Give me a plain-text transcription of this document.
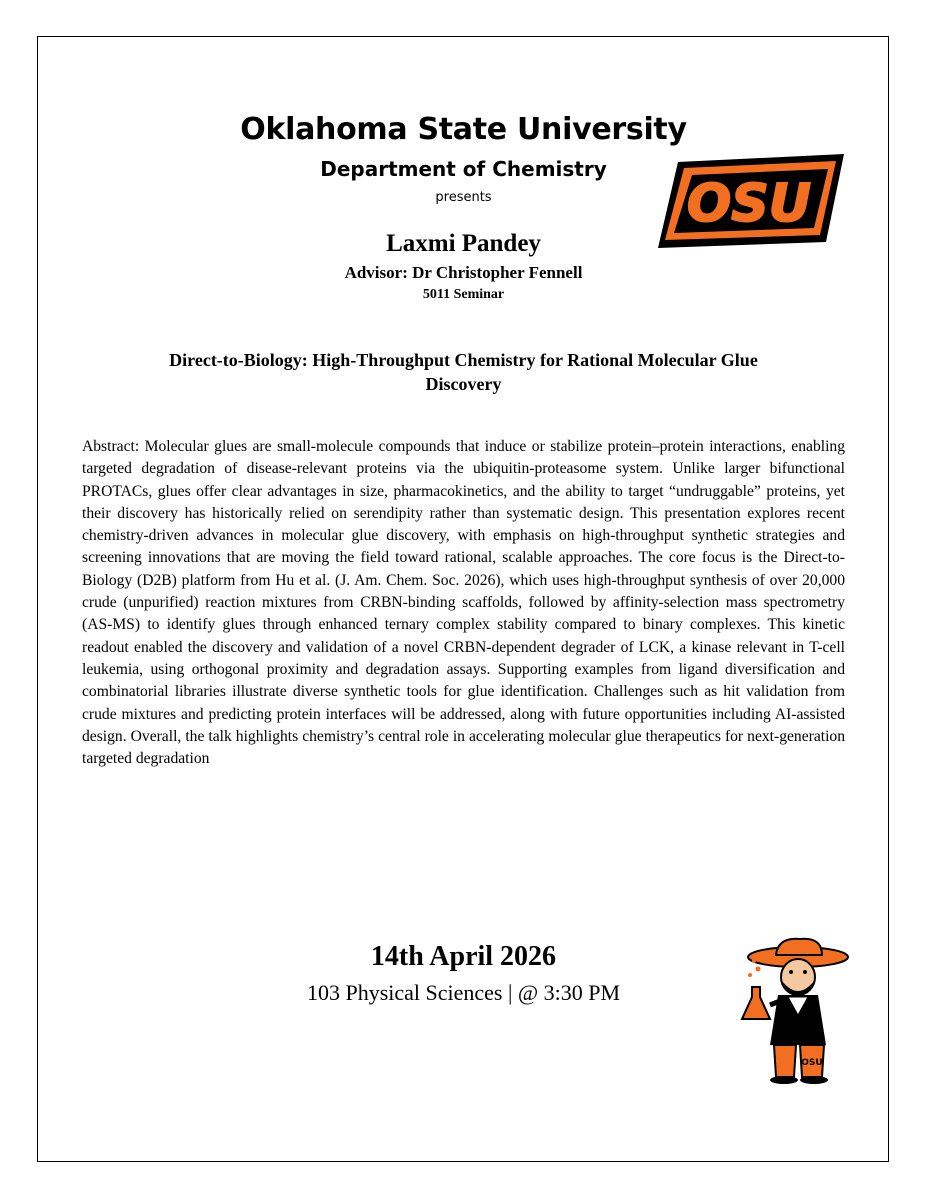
Oklahoma State University
Department of Chemistry
presents	OSU
Laxmi Pandey
Advisor: Dr Christopher Fennell
5011 Seminar
Direct-to-Biology: High-Throughput Chemistry for Rational Molecular Glue Discovery

Abstract: Molecular glues are small-molecule compounds that induce or stabilize protein–protein interactions, enabling targeted degradation of disease-relevant proteins via the ubiquitin-proteasome system. Unlike larger bifunctional PROTACs, glues offer clear advantages in size, pharmacokinetics, and the ability to target “undruggable” proteins, yet their discovery has historically relied on serendipity rather than systematic design. This presentation explores recent chemistry-driven advances in molecular glue discovery, with emphasis on high-throughput synthetic strategies and screening innovations that are moving the field toward rational, scalable approaches. The core focus is the Direct-to-Biology (D2B) platform from Hu et al. (J. Am. Chem. Soc. 2026), which uses high-throughput synthesis of over 20,000 crude (unpurified) reaction mixtures from CRBN-binding scaffolds, followed by affinity-selection mass spectrometry (AS-MS) to identify glues through enhanced ternary complex stability compared to binary complexes. This kinetic readout enabled the discovery and validation of a novel CRBN-dependent degrader of LCK, a kinase relevant in T-cell leukemia, using orthogonal proximity and degradation assays. Supporting examples from ligand diversification and combinatorial libraries illustrate diverse synthetic tools for glue identification. Challenges such as hit validation from crude mixtures and predicting protein interfaces will be addressed, along with future opportunities including AI-assisted design. Overall, the talk highlights chemistry’s central role in accelerating molecular glue therapeutics for next-generation targeted degradation

14th April 2026
103 Physical Sciences | @ 3:30 PM
OSU
